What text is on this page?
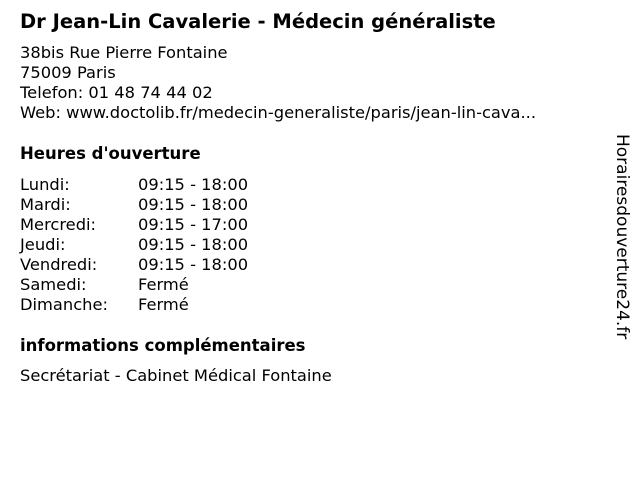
Dr Jean-Lin Cavalerie - Médecin généraliste
38bis Rue Pierre Fontaine
75009 Paris
Telefon: 01 48 74 44 02
Web: www.doctolib.fr/medecin-generaliste/paris/jean-lin-cava...
Heures d'ouverture
Lundi:	09:15 - 18:00
Mardi:	09:15 - 18:00
Mercredi:	09:15 - 17:00
Jeudi:	09:15 - 18:00
Vendredi:	09:15 - 18:00
Samedi:	Fermé
Dimanche:	Fermé
informations complémentaires
Secrétariat - Cabinet Médical Fontaine
Horairesdouverture24.fr
